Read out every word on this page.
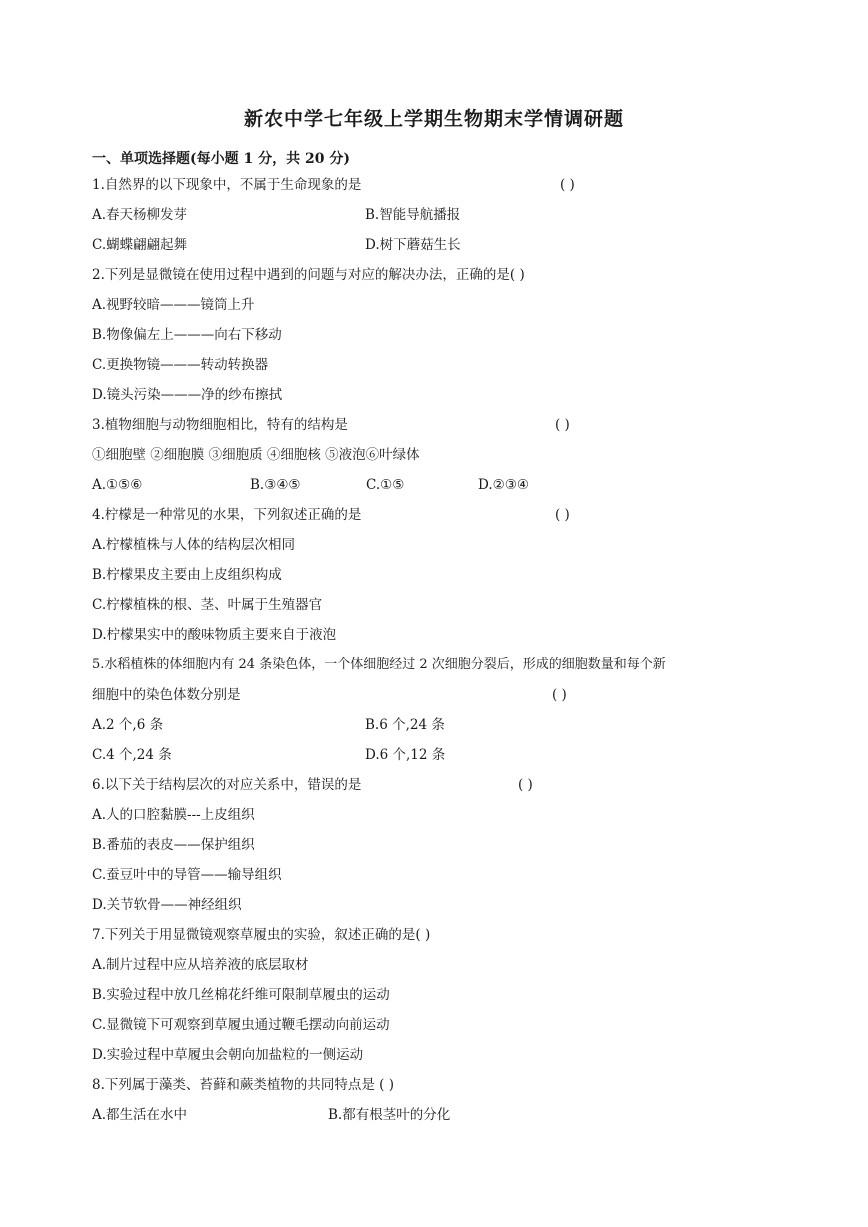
新农中学七年级上学期生物期末学情调研题
一、单项选择题(每小题 1 分，共 20 分)
1.自然界的以下现象中，不属于生命现象的是	( )
A.春天杨柳发芽	B.智能导航播报
C.蝴蝶翩翩起舞	D.树下蘑菇生长
2.下列是显微镜在使用过程中遇到的问题与对应的解决办法，正确的是( )
A.视野较暗———镜筒上升
B.物像偏左上———向右下移动
C.更换物镜———转动转换器
D.镜头污染———净的纱布擦拭
3.植物细胞与动物细胞相比，特有的结构是	( )
①细胞壁 ②细胞膜 ③细胞质 ④细胞核 ⑤液泡⑥叶绿体
A.①⑤⑥	B.③④⑤	C.①⑤	D.②③④
4.柠檬是一种常见的水果，下列叙述正确的是	( )
A.柠檬植株与人体的结构层次相同
B.柠檬果皮主要由上皮组织构成
C.柠檬植株的根、茎、叶属于生殖器官
D.柠檬果实中的酸味物质主要来自于液泡
5.水稻植株的体细胞内有 24 条染色体，一个体细胞经过 2 次细胞分裂后，形成的细胞数量和每个新
细胞中的染色体数分别是	( )
A.2 个,6 条	B.6 个,24 条
C.4 个,24 条	D.6 个,12 条
6.以下关于结构层次的对应关系中，错误的是	( )
A.人的口腔黏膜---上皮组织
B.番茄的表皮——保护组织
C.蚕豆叶中的导管——输导组织
D.关节软骨——神经组织
7.下列关于用显微镜观察草履虫的实验，叙述正确的是( )
A.制片过程中应从培养液的底层取材
B.实验过程中放几丝棉花纤维可限制草履虫的运动
C.显微镜下可观察到草履虫通过鞭毛摆动向前运动
D.实验过程中草履虫会朝向加盐粒的一侧运动
8.下列属于藻类、苔藓和蕨类植物的共同特点是 ( )
A.都生活在水中	B.都有根茎叶的分化
